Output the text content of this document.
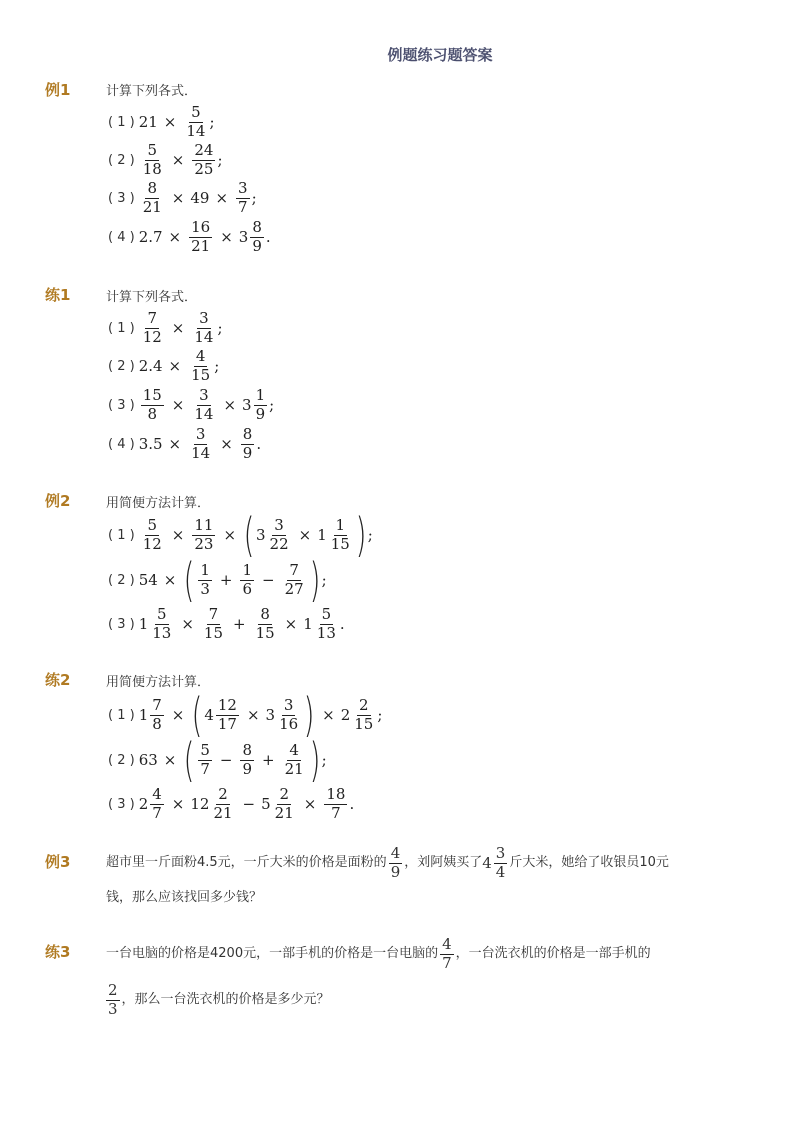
例题练习题答案
例1	计算下列各式．
( 1 ) $21 \times \frac{5}{14}$ ;
( 2 ) $\frac{5}{18} \times \frac{24}{25}$ ;
( 3 ) $\frac{8}{21} \times 49 \times \frac{3}{7}$ ;
( 4 ) $2.7 \times \frac{16}{21} \times 3 \frac{8}{9}$ .
练1	计算下列各式．
( 1 ) $\frac{7}{12} \times \frac{3}{14}$ ;
( 2 ) $2.4 \times \frac{4}{15}$ ;
( 3 ) $\frac{15}{8} \times \frac{3}{14} \times 3 \frac{1}{9}$ ;
( 4 ) $3.5 \times \frac{3}{14} \times \frac{8}{9}$ .
例2	用简便方法计算．
( 1 ) $\frac{5}{12} \times \frac{11}{23}$ × ( $3 \frac{3}{22} \times 1 \frac{1}{15}$ ) ;
( 2 ) 54 × ( $\frac{1}{3} + \frac{1}{6} - \frac{7}{27}$ ) ;
( 3 ) $1 \frac{5}{13} \times \frac{7}{15} + \frac{8}{15} \times 1 \frac{5}{13}$ .
练2	用简便方法计算．
( 1 ) $1 \frac{7}{8}$ × ( $4 \frac{12}{17} \times 3 \frac{3}{16}$ ) × $2 \frac{2}{15}$ ;
( 2 ) 63 × ( $\frac{5}{7} - \frac{8}{9} + \frac{4}{21}$ ) ;
( 3 ) $2 \frac{4}{7} \times 12 \frac{2}{21} - 5 \frac{2}{21} \times \frac{18}{7}$ .
例3	超市里一斤面粉4.5元，一斤大米的价格是面粉的 $\frac{4}{9}$ ，刘阿姨买了 $4 \frac{3}{4}$ 斤大米，她给了收银员10元
钱，那么应该找回多少钱？
练3	一台电脑的价格是4200元，一部手机的价格是一台电脑的 $\frac{4}{7}$ ，一台洗衣机的价格是一部手机的
$\frac{2}{3}$ ，那么一台洗衣机的价格是多少元？
